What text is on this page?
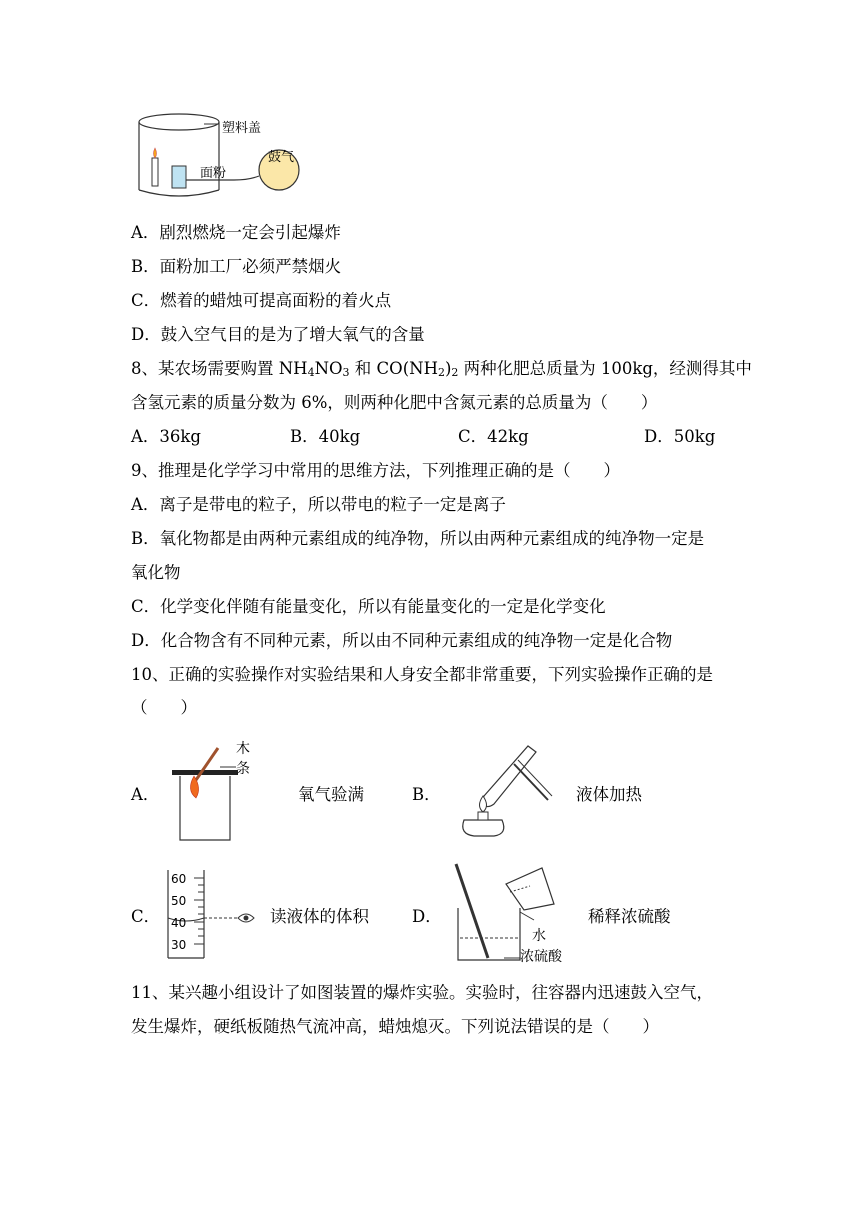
塑料盖
面粉
鼓气
A．剧烈燃烧一定会引起爆炸
B．面粉加工厂必须严禁烟火
C．燃着的蜡烛可提高面粉的着火点
D．鼓入空气目的是为了增大氧气的含量
8、某农场需要购置 $NH_4NO_3$ 和 $CO(NH_2)_2$ 两种化肥总质量为 100kg，经测得其中
含氢元素的质量分数为 6%，则两种化肥中含氮元素的总质量为（　　）
A．36kg	B．40kg	C．42kg	D．50kg
9、推理是化学学习中常用的思维方法，下列推理正确的是（　　）
A．离子是带电的粒子，所以带电的粒子一定是离子
B．氧化物都是由两种元素组成的纯净物，所以由两种元素组成的纯净物一定是
氧化物
C．化学变化伴随有能量变化，所以有能量变化的一定是化学变化
D．化合物含有不同种元素，所以由不同种元素组成的纯净物一定是化合物
10、正确的实验操作对实验结果和人身安全都非常重要，下列实验操作正确的是
（　　）
A．
木
条
氧气验满	B．	液体加热
C．
60
50
40
30
读液体的体积	D．
水
浓硫酸
稀释浓硫酸
11、某兴趣小组设计了如图装置的爆炸实验。实验时，往容器内迅速鼓入空气，
发生爆炸，硬纸板随热气流冲高，蜡烛熄灭。下列说法错误的是（　　）
